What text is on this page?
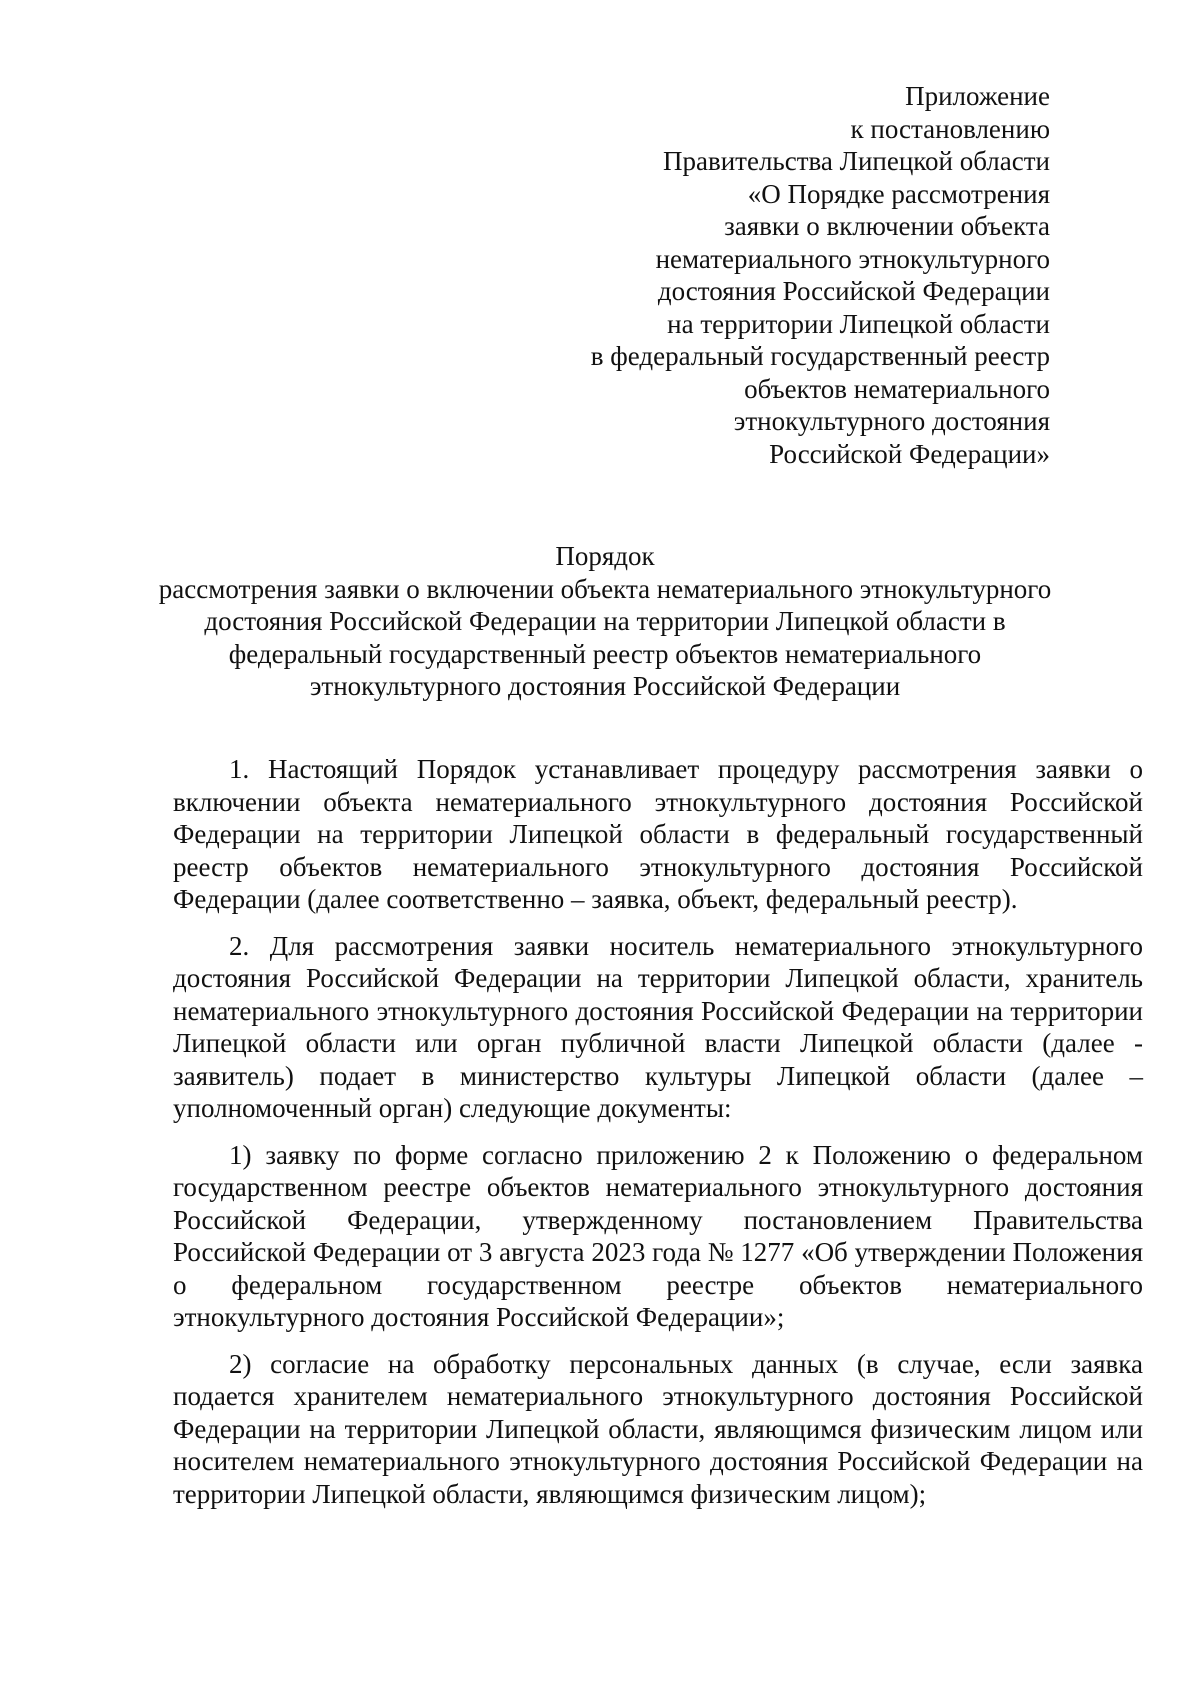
Приложение
к постановлению
Правительства Липецкой области
«О Порядке рассмотрения
заявки о включении объекта
нематериального этнокультурного
достояния Российской Федерации
на территории Липецкой области
в федеральный государственный реестр
объектов нематериального
этнокультурного достояния
Российской Федерации»
Порядок
рассмотрения заявки о включении объекта нематериального этнокультурного
достояния Российской Федерации на территории Липецкой области в
федеральный государственный реестр объектов нематериального
этнокультурного достояния Российской Федерации

1. Настоящий Порядок устанавливает процедуру рассмотрения заявки о включении объекта нематериального этнокультурного достояния Российской Федерации на территории Липецкой области в федеральный государственный реестр объектов нематериального этнокультурного достояния Российской Федерации (далее соответственно – заявка, объект, федеральный реестр).

2. Для рассмотрения заявки носитель нематериального этнокультурного достояния Российской Федерации на территории Липецкой области, хранитель нематериального этнокультурного достояния Российской Федерации на территории Липецкой области или орган публичной власти Липецкой области (далее - заявитель) подает в министерство культуры Липецкой области (далее – уполномоченный орган) следующие документы:

1) заявку по форме согласно приложению 2 к Положению о федеральном государственном реестре объектов нематериального этнокультурного достояния Российской Федерации, утвержденному постановлением Правительства Российской Федерации от 3 августа 2023 года № 1277 «Об утверждении Положения о федеральном государственном реестре объектов нематериального этнокультурного достояния Российской Федерации»;

2) согласие на обработку персональных данных (в случае, если заявка подается хранителем нематериального этнокультурного достояния Российской Федерации на территории Липецкой области, являющимся физическим лицом или носителем нематериального этнокультурного достояния Российской Федерации на территории Липецкой области, являющимся физическим лицом);
